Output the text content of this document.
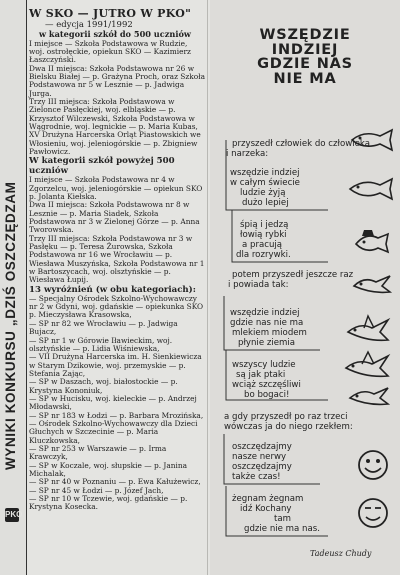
WYNIKI KONKURSU „DZIŚ OSZCZĘDZAM
PKO

W SKO — JUTRO W PKO"

— edycja 1991/1992

w kategorii szkół do 500 uczniów

I miejsce — Szkoła Podstawowa w Rudzie, woj. ostrołęckie, opiekun SKO — Kazimierz Łaszczyński.

Dwa II miejsca: Szkoła Podstawowa nr 26 w Bielsku Białej — p. Grażyna Proch, oraz Szkoła Podstawowa nr 5 w Lesznie — p. Jadwiga Jurga.

Trzy III miejsca: Szkoła Podstawowa w Zielonce Pasłęckiej, woj. elbląskie — p. Krzysztof Wilczewski, Szkoła Podstawowa w Wągrodnie, woj. legnickie — p. Maria Kubas, XV Drużyna Harcerska Orląt Piastowskich we Włosieniu, woj. jeleniogórskie — p. Zbigniew Pawłowicz.

W kategorii szkół powyżej 500 uczniów

I miejsce — Szkoła Podstawowa nr 4 w Zgorzelcu, woj. jeleniogórskie — opiekun SKO p. Jolanta Kiełska.

Dwa II miejsca: Szkoła Podstawowa nr 8 w Lesznie — p. Maria Siadek, Szkoła Podstawowa nr 3 w Zielonej Górze — p. Anna Tworowska.

Trzy III miejsca: Szkoła Podstawowa nr 3 w Pasłęku — p. Teresa Żurowska, Szkoła Podstawowa nr 16 we Wrocławiu — p. Wiesława Muszyńska, Szkoła Podstawowa nr 1 w Bartoszycach, woj. olsztyńskie — p. Wiesława Łupij.

13 wyróżnień (w obu kategoriach):

— Specjalny Ośrodek Szkolno-Wychowawczy nr 2 w Gdyni, woj. gdańskie — opiekunka SKO p. Mieczysława Krasowska,

— SP nr 82 we Wrocławiu — p. Jadwiga Bujacz,

— SP nr 1 w Górowie Iławieckim, woj. olsztyńskie — p. Lidia Wiśniewska,

— VII Drużyna Harcerska im. H. Sienkiewicza w Starym Dzikowie, woj. przemyskie — p. Stefania Zając,

— SP w Daszach, woj. białostockie — p. Krystyna Kononiuk,

— SP w Hucisku, woj. kieleckie — p. Andrzej Młodawski,

— SP nr 183 w Łodzi — p. Barbara Mrozińska,

— Ośrodek Szkolno-Wychowawczy dla Dzieci Głuchych w Szczecinie — p. Maria Kluczkowska,

— SP nr 253 w Warszawie — p. Irma Krawczyk,

— SP w Koczale, woj. słupskie — p. Janina Michalak,

— SP nr 40 w Poznaniu — p. Ewa Kałużewicz,

— SP nr 45 w Łodzi — p. Józef Jach,

— SP nr 10 w Tczewie, woj. gdańskie — p. Krystyna Kosecka.

WSZĘDZIE
INDZIEJ
GDZIE NAS
NIE MA
przyszedł człowiek do człowieka
i narzeka:
wszędzie indziej
w całym świecie
ludzie żyją
dużo lepiej
śpią i jedzą
łowią rybki
a pracują
dla rozrywki.
potem przyszedł jeszcze raz
i powiada tak:
wszędzie indziej
gdzie nas nie ma
mlekiem miodem
płynie ziemia
wszyscy ludzie
są jak ptaki
wciąż szczęśliwi
bo bogaci!
a gdy przyszedł po raz trzeci
wówczas ja do niego rzekłem:
oszczędzajmy
nasze nerwy
oszczędzajmy
także czas!
żegnam żegnam
idź Kochany
tam
gdzie nie ma nas.
Tadeusz Chudy
